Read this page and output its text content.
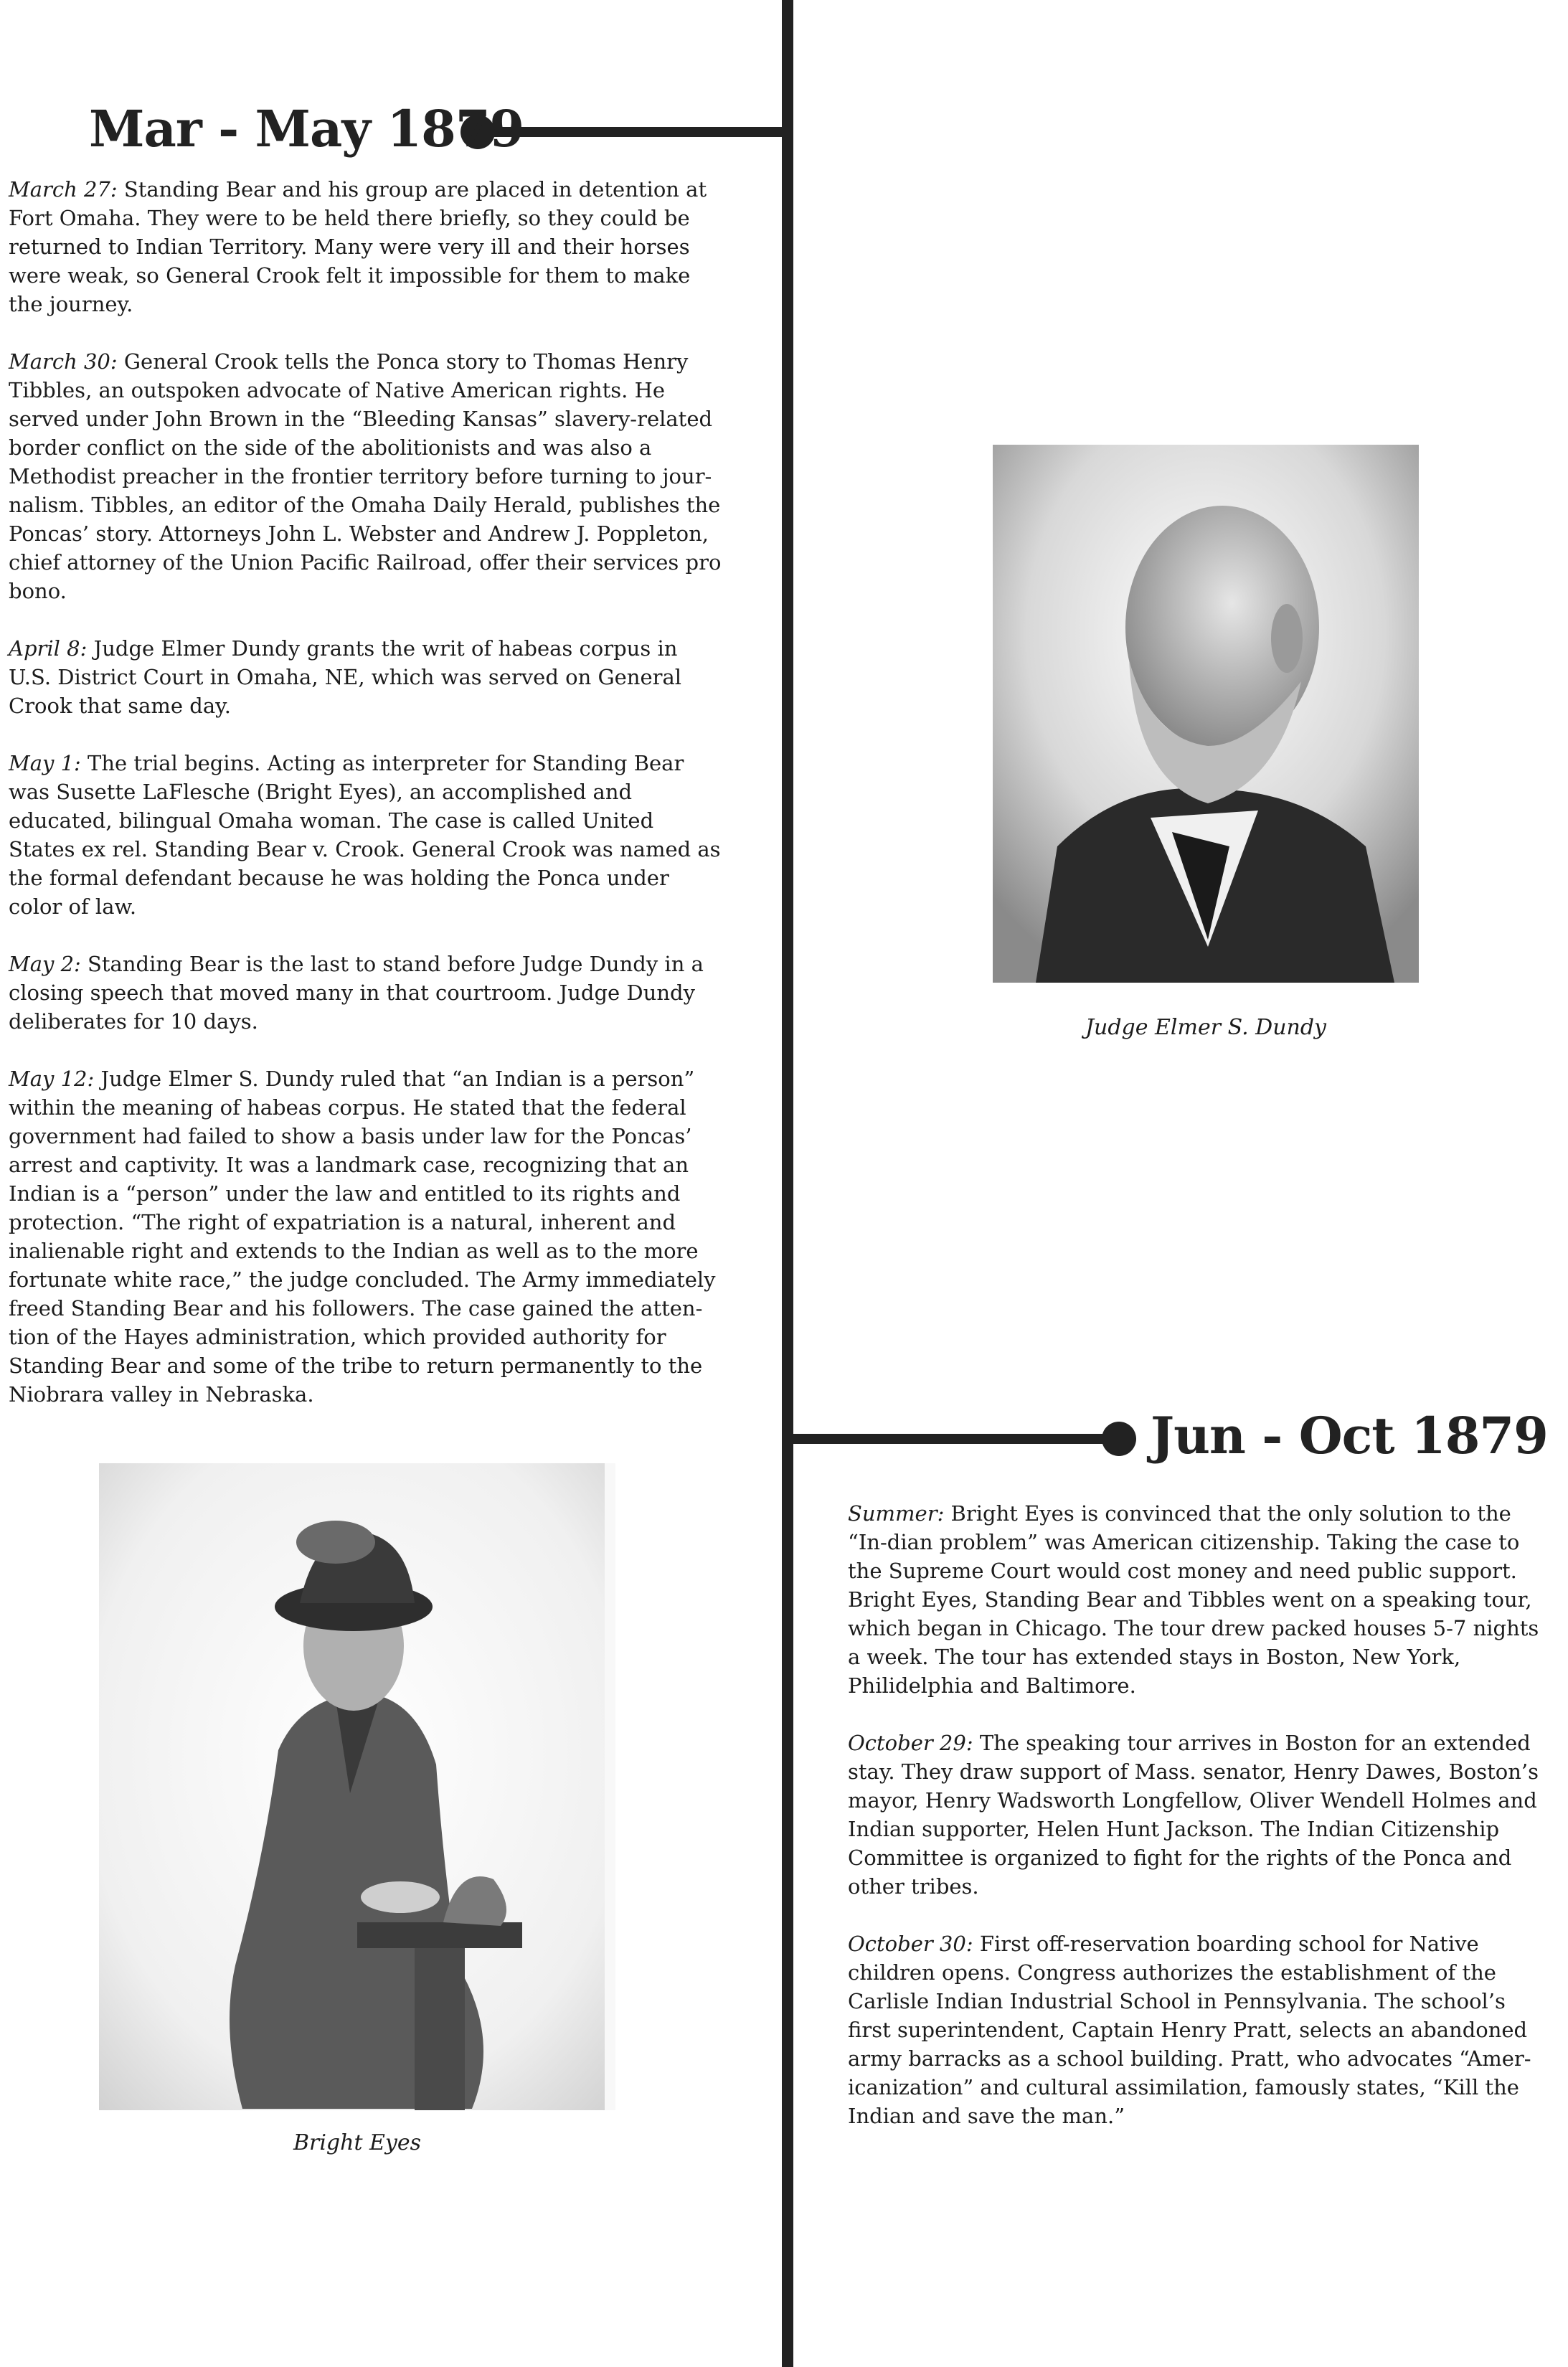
Mar - May 1879

March 27: Standing Bear and his group are placed in detention at Fort Omaha. They were to be held there briefly, so they could be returned to Indian Territory. Many were very ill and their horses were weak, so General Crook felt it impossible for them to make the journey.

March 30: General Crook tells the Ponca story to Thomas Henry Tibbles, an outspoken advocate of Native American rights. He served under John Brown in the “Bleeding Kansas” slavery-related border conflict on the side of the abolitionists and was also a Methodist preacher in the frontier territory before turning to jour-nalism. Tibbles, an editor of the Omaha Daily Herald, publishes the Poncas’ story. Attorneys John L. Webster and Andrew J. Poppleton, chief attorney of the Union Pacific Railroad, offer their services pro bono.

April 8: Judge Elmer Dundy grants the writ of habeas corpus in U.S. District Court in Omaha, NE, which was served on General Crook that same day.

May 1: The trial begins. Acting as interpreter for Standing Bear was Susette LaFlesche (Bright Eyes), an accomplished and educated, bilingual Omaha woman. The case is called United States ex rel. Standing Bear v. Crook. General Crook was named as the formal defendant because he was holding the Ponca under color of law.

May 2: Standing Bear is the last to stand before Judge Dundy in a closing speech that moved many in that courtroom. Judge Dundy deliberates for 10 days.

May 12: Judge Elmer S. Dundy ruled that “an Indian is a person” within the meaning of habeas corpus. He stated that the federal government had failed to show a basis under law for the Poncas’ arrest and captivity. It was a landmark case, recognizing that an Indian is a “person” under the law and entitled to its rights and protection. “The right of expatriation is a natural, inherent and inalienable right and extends to the Indian as well as to the more fortunate white race,” the judge concluded. The Army immediately freed Standing Bear and his followers. The case gained the atten-tion of the Hayes administration, which provided authority for Standing Bear and some of the tribe to return permanently to the Niobrara valley in Nebraska.

Judge Elmer S. Dundy
Jun - Oct 1879

Summer: Bright Eyes is convinced that the only solution to the “In-dian problem” was American citizenship. Taking the case to the Supreme Court would cost money and need public support. Bright Eyes, Standing Bear and Tibbles went on a speaking tour, which began in Chicago. The tour drew packed houses 5-7 nights a week. The tour has extended stays in Boston, New York, Philidelphia and Baltimore.

October 29: The speaking tour arrives in Boston for an extended stay. They draw support of Mass. senator, Henry Dawes, Boston’s mayor, Henry Wadsworth Longfellow, Oliver Wendell Holmes and Indian supporter, Helen Hunt Jackson. The Indian Citizenship Committee is organized to fight for the rights of the Ponca and other tribes.

October 30: First off-reservation boarding school for Native children opens. Congress authorizes the establishment of the Carlisle Indian Industrial School in Pennsylvania. The school’s first superintendent, Captain Henry Pratt, selects an abandoned army barracks as a school building. Pratt, who advocates “Amer-icanization” and cultural assimilation, famously states, “Kill the Indian and save the man.”

Bright Eyes
